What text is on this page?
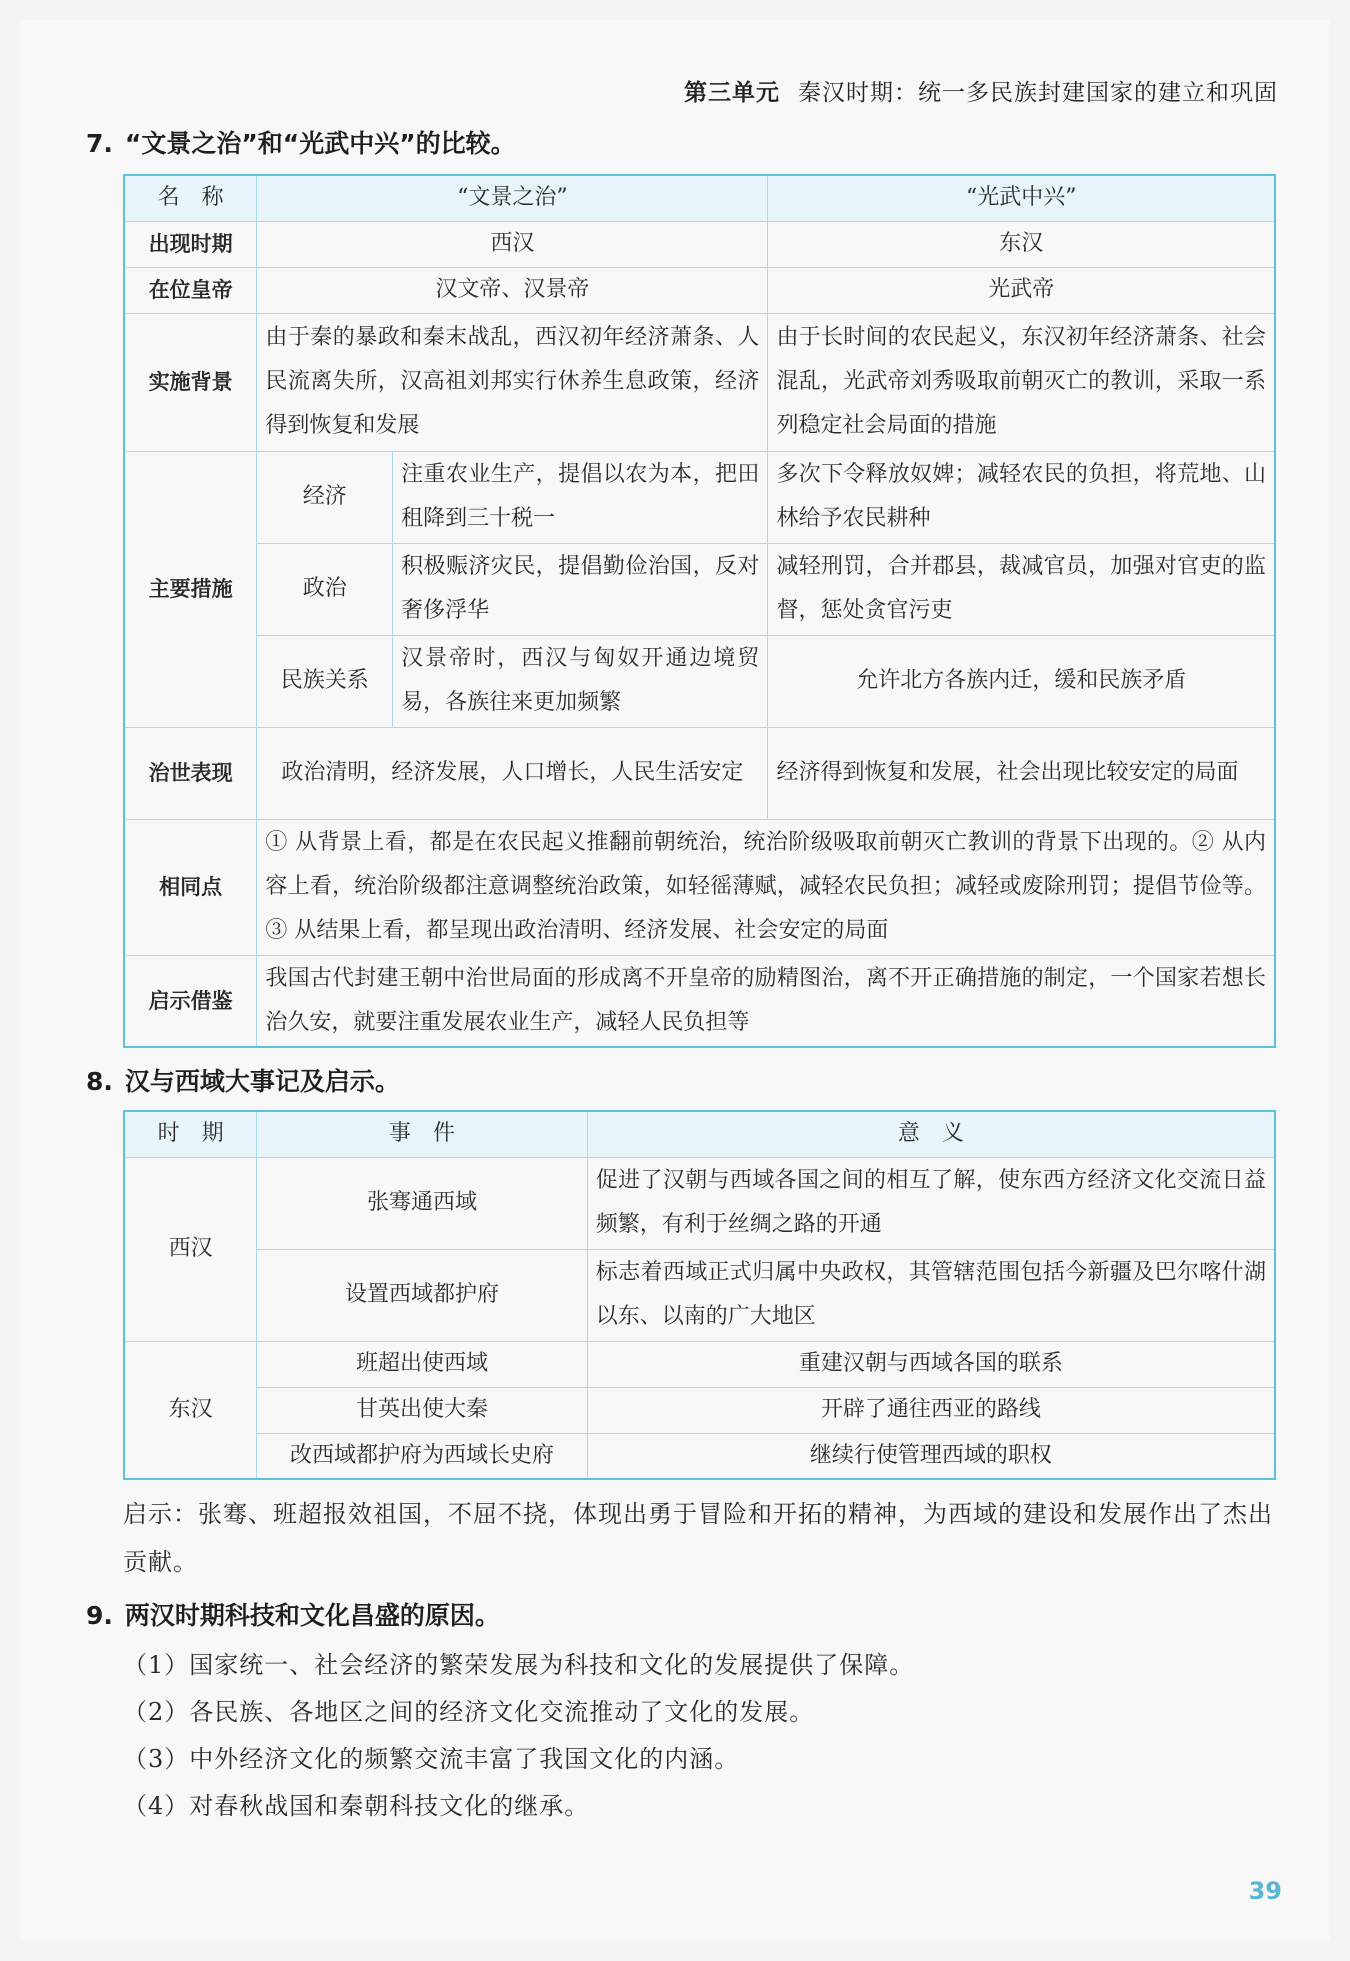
第三单元 秦汉时期：统一多民族封建国家的建立和巩固
7. “文景之治”和“光武中兴”的比较。
名　称	“文景之治”		“光武中兴”
出现时期	西汉		东汉
在位皇帝	汉文帝、汉景帝		光武帝
实施背景	由于秦的暴政和秦末战乱，西汉初年经济萧条、人民流离失所，汉高祖刘邦实行休养生息政策，经济得到恢复和发展		由于长时间的农民起义，东汉初年经济萧条、社会混乱，光武帝刘秀吸取前朝灭亡的教训，采取一系列稳定社会局面的措施
主要措施	经济	注重农业生产，提倡以农为本，把田租降到三十税一	多次下令释放奴婢；减轻农民的负担，将荒地、山林给予农民耕种
	政治	积极赈济灾民，提倡勤俭治国，反对奢侈浮华	减轻刑罚，合并郡县，裁减官员，加强对官吏的监督，惩处贪官污吏
	民族关系	汉景帝时，西汉与匈奴开通边境贸易，各族往来更加频繁	允许北方各族内迁，缓和民族矛盾
治世表现	政治清明，经济发展，人口增长，人民生活安定		经济得到恢复和发展，社会出现比较安定的局面
相同点	① 从背景上看，都是在农民起义推翻前朝统治，统治阶级吸取前朝灭亡教训的背景下出现的。② 从内容上看，统治阶级都注意调整统治政策，如轻徭薄赋，减轻农民负担；减轻或废除刑罚；提倡节俭等。③ 从结果上看，都呈现出政治清明、经济发展、社会安定的局面		
启示借鉴	我国古代封建王朝中治世局面的形成离不开皇帝的励精图治，离不开正确措施的制定，一个国家若想长治久安，就要注重发展农业生产，减轻人民负担等		
8. 汉与西域大事记及启示。
时　期	事　件	意　义
西汉	张骞通西域	促进了汉朝与西域各国之间的相互了解，使东西方经济文化交流日益频繁，有利于丝绸之路的开通
	设置西域都护府	标志着西域正式归属中央政权，其管辖范围包括今新疆及巴尔喀什湖以东、以南的广大地区
东汉	班超出使西域	重建汉朝与西域各国的联系
	甘英出使大秦	开辟了通往西亚的路线
	改西域都护府为西域长史府	继续行使管理西域的职权
启示：张骞、班超报效祖国，不屈不挠，体现出勇于冒险和开拓的精神，为西域的建设和发展作出了杰出贡献。
9. 两汉时期科技和文化昌盛的原因。
（1）国家统一、社会经济的繁荣发展为科技和文化的发展提供了保障。
（2）各民族、各地区之间的经济文化交流推动了文化的发展。
（3）中外经济文化的频繁交流丰富了我国文化的内涵。
（4）对春秋战国和秦朝科技文化的继承。
39
